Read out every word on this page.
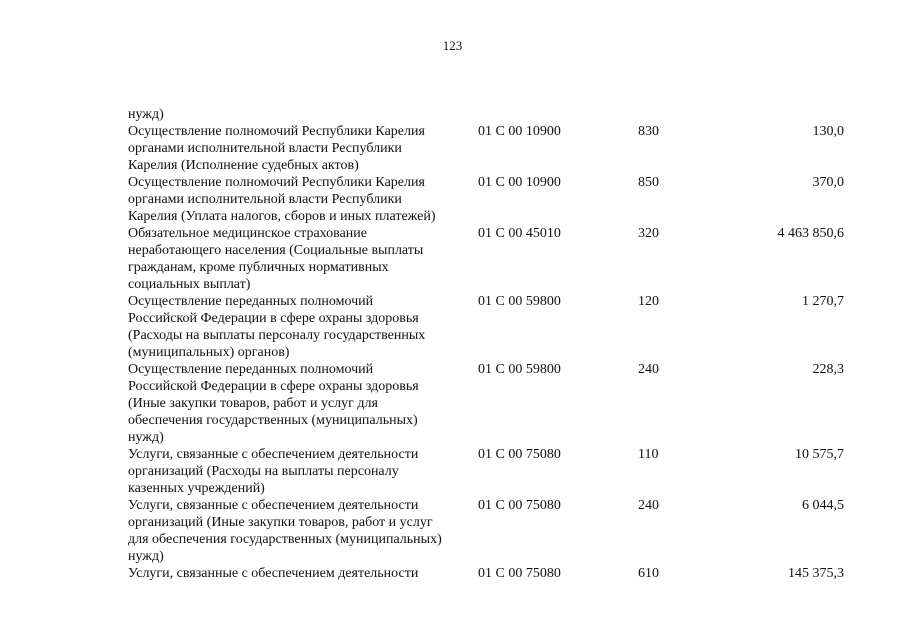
123
нужд)
Осуществление полномочий Республики Карелия
органами исполнительной власти Республики
Карелия (Исполнение судебных актов)
01 С 00 10900	830	130,0
Осуществление полномочий Республики Карелия
органами исполнительной власти Республики
Карелия (Уплата налогов, сборов и иных платежей)
01 С 00 10900	850	370,0
Обязательное медицинское страхование
неработающего населения (Социальные выплаты
гражданам, кроме публичных нормативных
социальных выплат)
01 С 00 45010	320	4 463 850,6
Осуществление переданных полномочий
Российской Федерации в сфере охраны здоровья
(Расходы на выплаты персоналу государственных
(муниципальных) органов)
01 С 00 59800	120	1 270,7
Осуществление переданных полномочий
Российской Федерации в сфере охраны здоровья
(Иные закупки товаров, работ и услуг для
обеспечения государственных (муниципальных)
нужд)
01 С 00 59800	240	228,3
Услуги, связанные с обеспечением деятельности
организаций (Расходы на выплаты персоналу
казенных учреждений)
01 С 00 75080	110	10 575,7
Услуги, связанные с обеспечением деятельности
организаций (Иные закупки товаров, работ и услуг
для обеспечения государственных (муниципальных)
нужд)
01 С 00 75080	240	6 044,5
Услуги, связанные с обеспечением деятельности	01 С 00 75080	610	145 375,3
